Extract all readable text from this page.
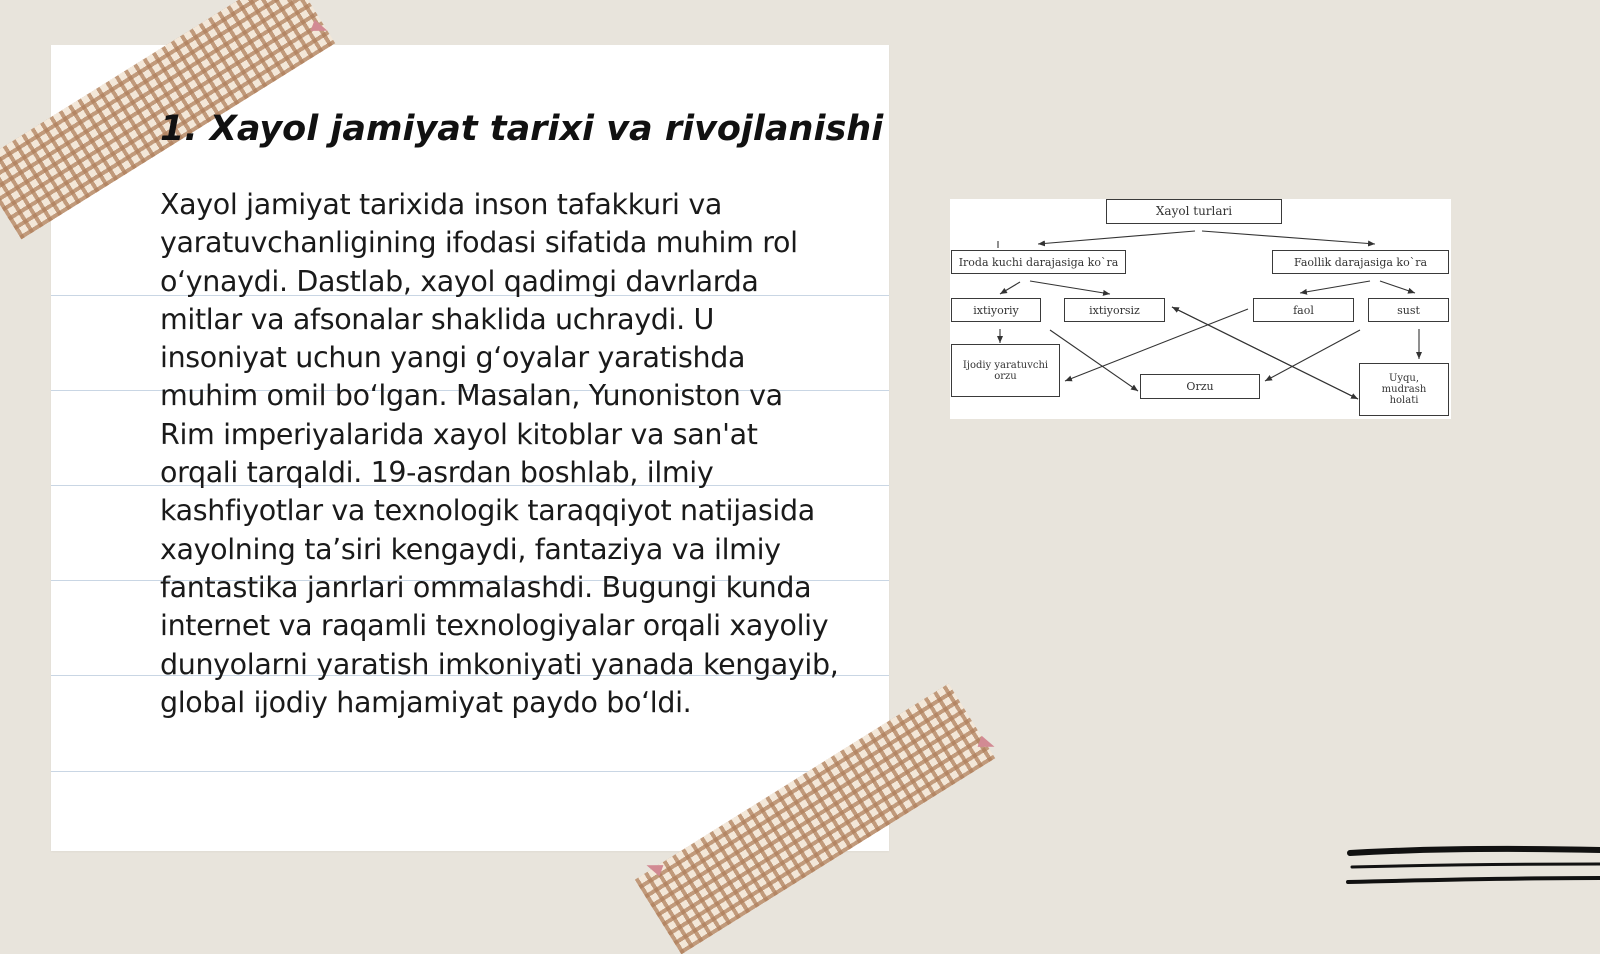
1. Xayol jamiyat tarixi va rivojlanishi

Xayol jamiyat tarixida inson tafakkuri va yaratuvchanligining ifodasi sifatida muhim rol oʻynaydi. Dastlab, xayol qadimgi davrlarda mitlar va afsonalar shaklida uchraydi. U insoniyat uchun yangi gʻoyalar yaratishda muhim omil boʻlgan. Masalan, Yunoniston va Rim imperiyalarida xayol kitoblar va san'at orqali tarqaldi. 19-asrdan boshlab, ilmiy kashfiyotlar va texnologik taraqqiyot natijasida xayolning taʼsiri kengaydi, fantaziya va ilmiy fantastika janrlari ommalashdi. Bugungi kunda internet va raqamli texnologiyalar orqali xayoliy dunyolarni yaratish imkoniyati yanada kengayib, global ijodiy hamjamiyat paydo boʻldi.

Xayol turlari
Iroda kuchi darajasiga ko`ra	Faollik darajasiga ko`ra
ixtiyoriy	ixtiyorsiz	faol	sust
Ijodiy yaratuvchi orzu
Orzu
Uyqu, mudrash holati
